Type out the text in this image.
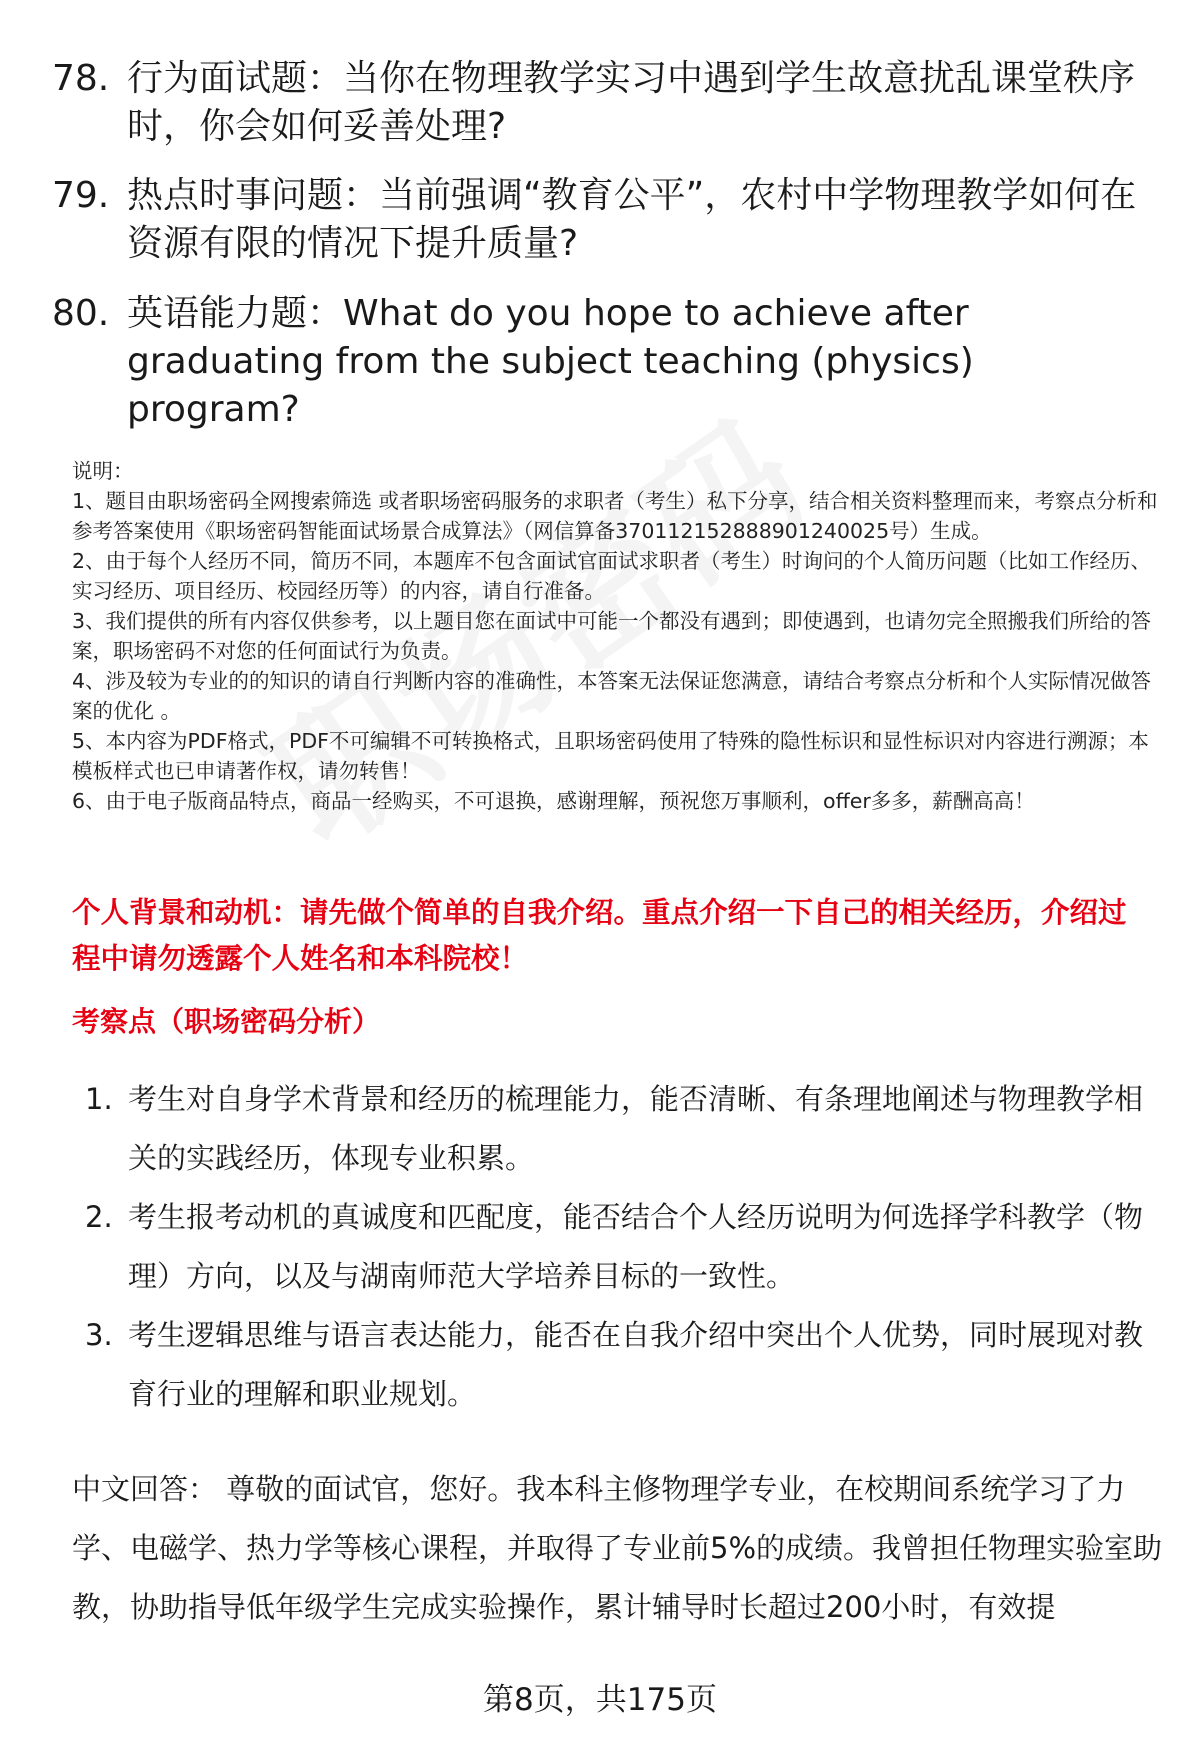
78. 行为面试题：当你在物理教学实习中遇到学生故意扰乱课堂秩序时，你会如何妥善处理?
79. 热点时事问题：当前强调“教育公平”，农村中学物理教学如何在资源有限的情况下提升质量?
80. 英语能力题：What do you hope to achieve after graduating from the subject teaching (physics) program?

说明：

1、题目由职场密码全网搜索筛选 或者职场密码服务的求职者（考生）私下分享，结合相关资料整理而来，考察点分析和参考答案使用《职场密码智能面试场景合成算法》（网信算备370112152888901240025号）生成。

2、由于每个人经历不同，简历不同，本题库不包含面试官面试求职者（考生）时询问的个人简历问题（比如工作经历、实习经历、项目经历、校园经历等）的内容，请自行准备。

3、我们提供的所有内容仅供参考，以上题目您在面试中可能一个都没有遇到；即使遇到，也请勿完全照搬我们所给的答案，职场密码不对您的任何面试行为负责。

4、涉及较为专业的的知识的请自行判断内容的准确性，本答案无法保证您满意，请结合考察点分析和个人实际情况做答案的优化 。

5、本内容为PDF格式，PDF不可编辑不可转换格式，且职场密码使用了特殊的隐性标识和显性标识对内容进行溯源；本模板样式也已申请著作权，请勿转售！

6、由于电子版商品特点，商品一经购买，不可退换，感谢理解，预祝您万事顺利，offer多多，薪酬高高！

个人背景和动机：请先做个简单的自我介绍。重点介绍一下自己的相关经历，介绍过程中请勿透露个人姓名和本科院校！
考察点（职场密码分析）
1. 考生对自身学术背景和经历的梳理能力，能否清晰、有条理地阐述与物理教学相关的实践经历，体现专业积累。
2. 考生报考动机的真诚度和匹配度，能否结合个人经历说明为何选择学科教学（物理）方向，以及与湖南师范大学培养目标的一致性。
3. 考生逻辑思维与语言表达能力，能否在自我介绍中突出个人优势，同时展现对教育行业的理解和职业规划。
中文回答： 尊敬的面试官，您好。我本科主修物理学专业，在校期间系统学习了力学、电磁学、热力学等核心课程，并取得了专业前5%的成绩。我曾担任物理实验室助教，协助指导低年级学生完成实验操作，累计辅导时长超过200小时，有效提
第8页，共175页
